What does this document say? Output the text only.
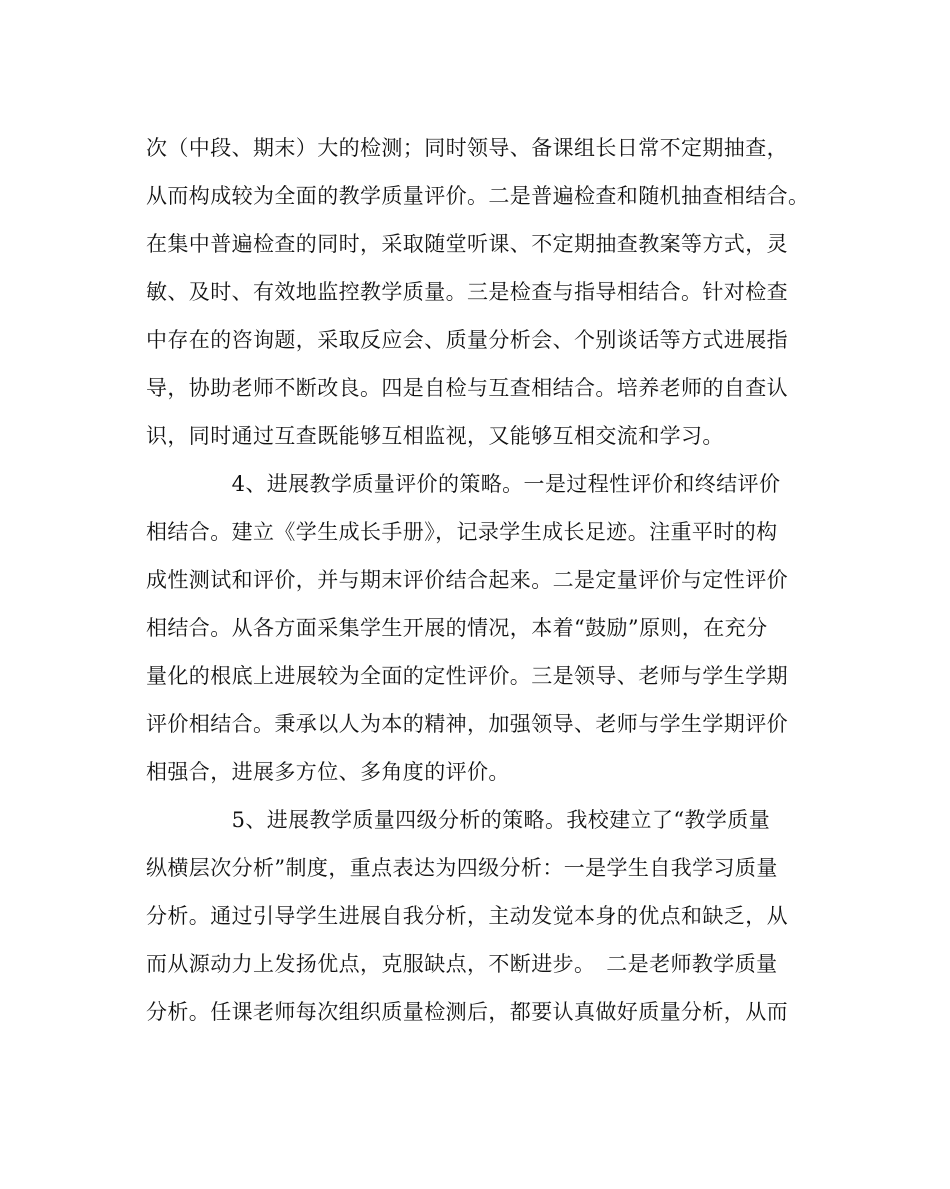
次（中段、期末）大的检测；同时领导、备课组长日常不定期抽查，
从而构成较为全面的教学质量评价。二是普遍检查和随机抽查相结合。
在集中普遍检查的同时，采取随堂听课、不定期抽查教案等方式，灵
敏、及时、有效地监控教学质量。三是检查与指导相结合。针对检查
中存在的咨询题，采取反应会、质量分析会、个别谈话等方式进展指
导，协助老师不断改良。四是自检与互查相结合。培养老师的自查认
识，同时通过互查既能够互相监视，又能够互相交流和学习。
　　　　4、进展教学质量评价的策略。一是过程性评价和终结评价
相结合。建立《学生成长手册》，记录学生成长足迹。注重平时的构
成性测试和评价，并与期末评价结合起来。二是定量评价与定性评价
相结合。从各方面采集学生开展的情况，本着“鼓励”原则，在充分
量化的根底上进展较为全面的定性评价。三是领导、老师与学生学期
评价相结合。秉承以人为本的精神，加强领导、老师与学生学期评价
相强合，进展多方位、多角度的评价。
　　　　5、进展教学质量四级分析的策略。我校建立了“教学质量
纵横层次分析”制度，重点表达为四级分析：一是学生自我学习质量
分析。通过引导学生进展自我分析，主动发觉本身的优点和缺乏，从
而从源动力上发扬优点，克服缺点，不断进步。　二是老师教学质量
分析。任课老师每次组织质量检测后，都要认真做好质量分析，从而
